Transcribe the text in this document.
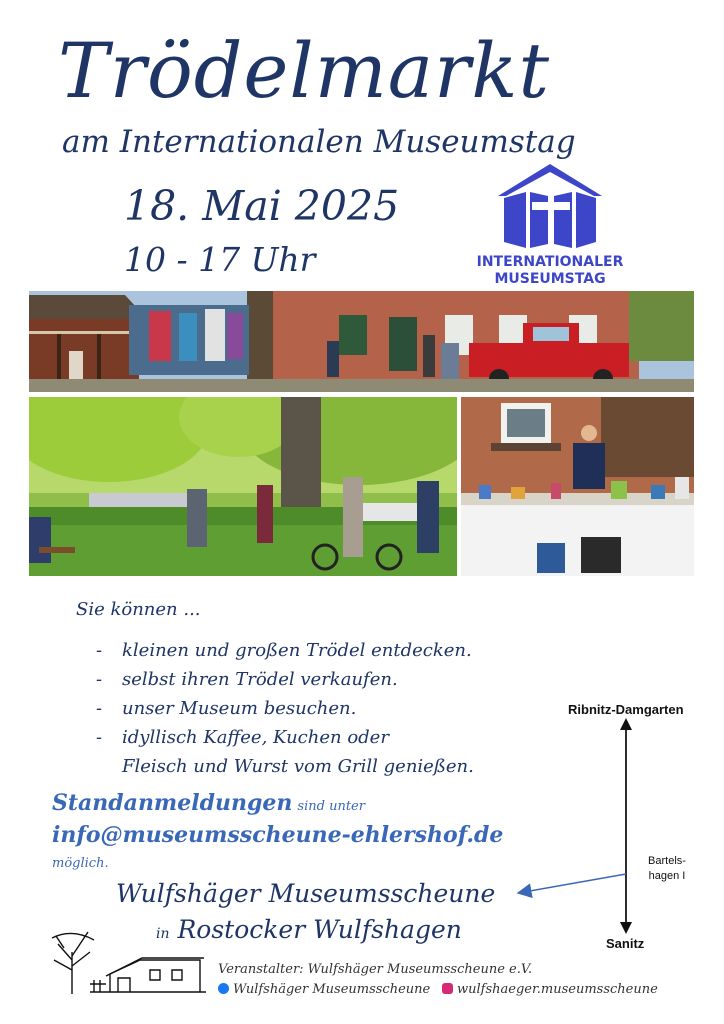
Trödelmarkt
am Internationalen Museumstag
18. Mai 2025
10 - 17 Uhr	INTERNATIONALER
MUSEUMSTAG
Sie können ...
- kleinen und großen Trödel entdecken.
- selbst ihren Trödel verkaufen.
- unser Museum besuchen.
- idyllisch Kaffee, Kuchen oder
Fleisch und Wurst vom Grill genießen.
Standanmeldungen sind unter
info@museumsscheune-ehlershof.de
möglich.
Wulfshäger Museumsscheune
in Rostocker Wulfshagen
Ribnitz-Damgarten
Sanitz
Bartels-
hagen I
Veranstalter: Wulfshäger Museumsscheune e.V.
Wulfshäger Museumsscheune	wulfshaeger.museumsscheune
